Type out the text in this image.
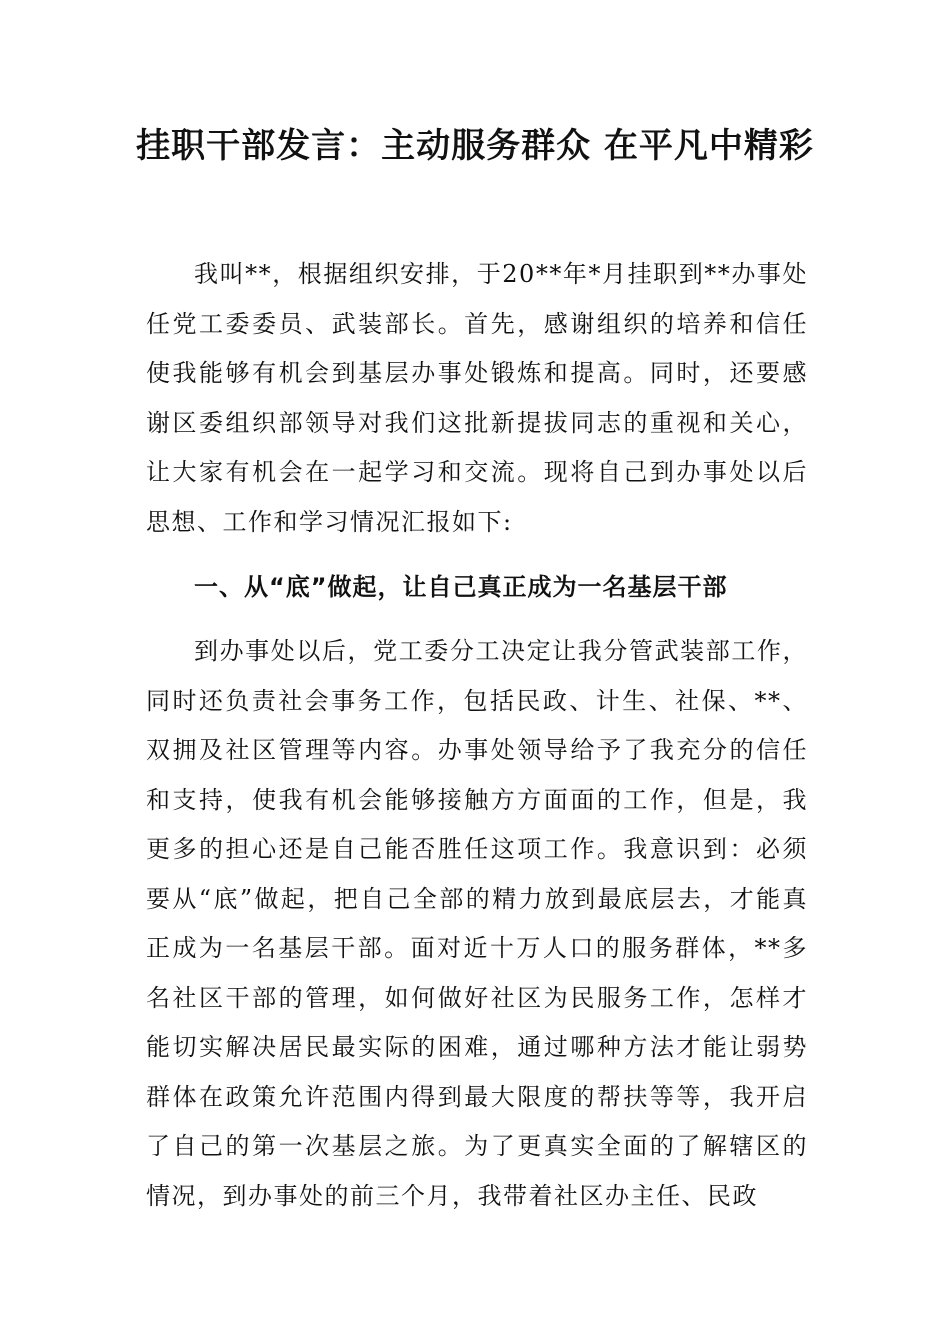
挂职干部发言：主动服务群众 在平凡中精彩

我叫**，根据组织安排，于20**年*月挂职到**办事处任党工委委员、武装部长。首先，感谢组织的培养和信任使我能够有机会到基层办事处锻炼和提高。同时，还要感谢区委组织部领导对我们这批新提拔同志的重视和关心，让大家有机会在一起学习和交流。现将自己到办事处以后思想、工作和学习情况汇报如下:

一、从“底”做起，让自己真正成为一名基层干部

到办事处以后，党工委分工决定让我分管武装部工作，同时还负责社会事务工作，包括民政、计生、社保、**、双拥及社区管理等内容。办事处领导给予了我充分的信任和支持，使我有机会能够接触方方面面的工作，但是，我更多的担心还是自己能否胜任这项工作。我意识到：必须要从“底”做起，把自己全部的精力放到最底层去，才能真正成为一名基层干部。面对近十万人口的服务群体，**多名社区干部的管理，如何做好社区为民服务工作，怎样才能切实解决居民最实际的困难，通过哪种方法才能让弱势群体在政策允许范围内得到最大限度的帮扶等等，我开启了自己的第一次基层之旅。为了更真实全面的了解辖区的情况，到办事处的前三个月，我带着社区办主任、民政
